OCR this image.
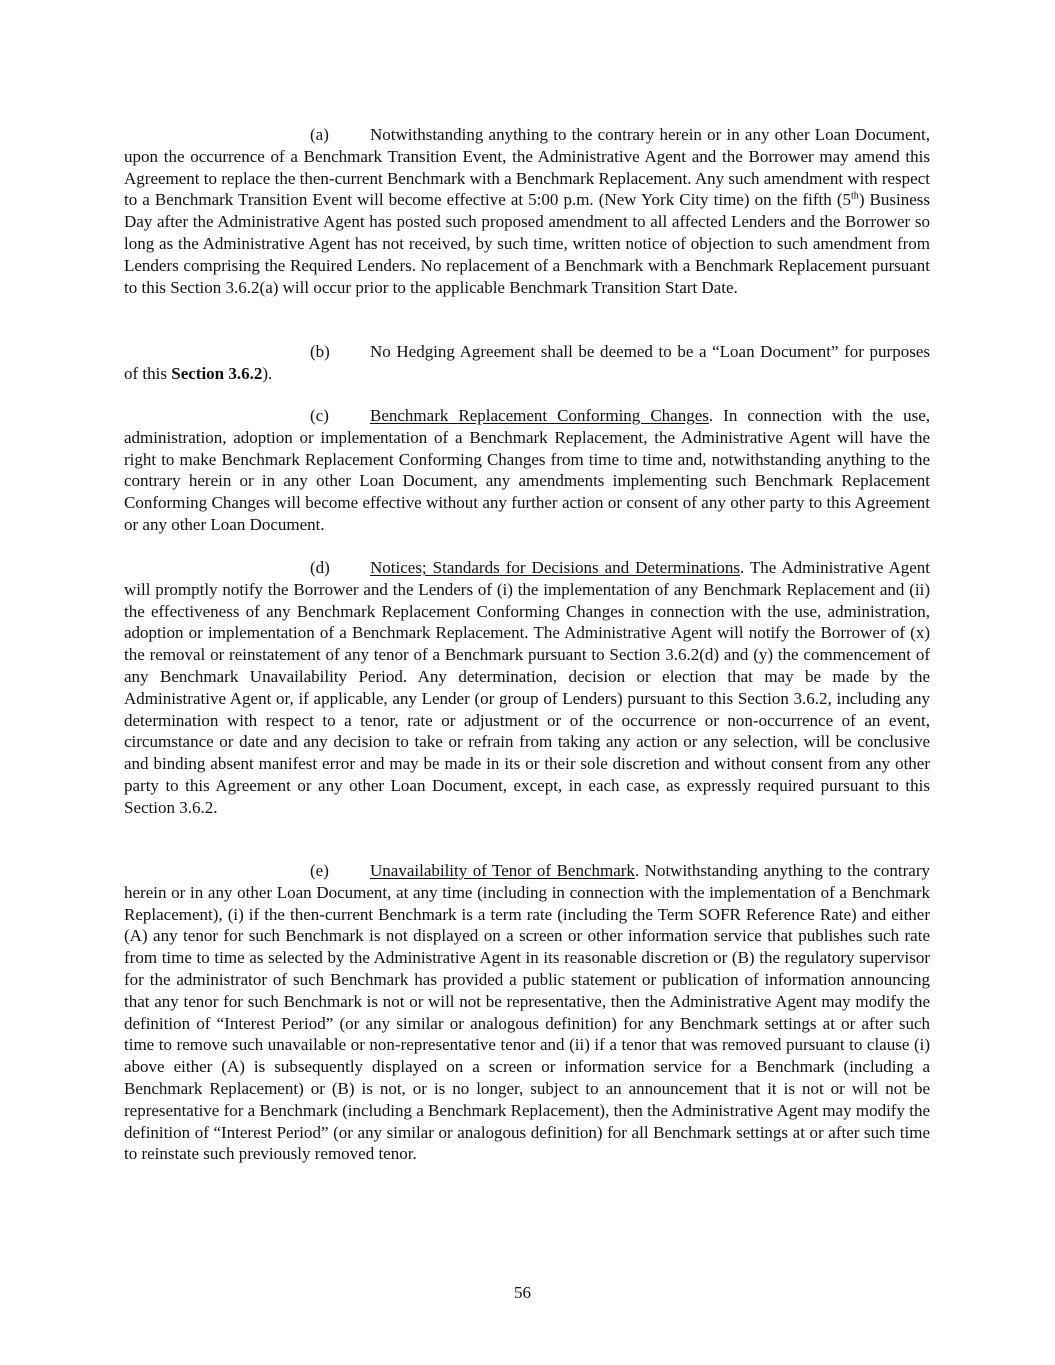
(a) Notwithstanding anything to the contrary herein or in any other Loan Document, upon the occurrence of a Benchmark Transition Event, the Administrative Agent and the Borrower may amend this Agreement to replace the then-current Benchmark with a Benchmark Replacement. Any such amendment with respect to a Benchmark Transition Event will become effective at 5:00 p.m. (New York City time) on the fifth (5th) Business Day after the Administrative Agent has posted such proposed amendment to all affected Lenders and the Borrower so long as the Administrative Agent has not received, by such time, written notice of objection to such amendment from Lenders comprising the Required Lenders. No replacement of a Benchmark with a Benchmark Replacement pursuant to this Section 3.6.2(a) will occur prior to the applicable Benchmark Transition Start Date.

(b) No Hedging Agreement shall be deemed to be a “Loan Document” for purposes of this Section 3.6.2).

(c) Benchmark Replacement Conforming Changes. In connection with the use, administration, adoption or implementation of a Benchmark Replacement, the Administrative Agent will have the right to make Benchmark Replacement Conforming Changes from time to time and, notwithstanding anything to the contrary herein or in any other Loan Document, any amendments implementing such Benchmark Replacement Conforming Changes will become effective without any further action or consent of any other party to this Agreement or any other Loan Document.

(d) Notices; Standards for Decisions and Determinations. The Administrative Agent will promptly notify the Borrower and the Lenders of (i) the implementation of any Benchmark Replacement and (ii) the effectiveness of any Benchmark Replacement Conforming Changes in connection with the use, administration, adoption or implementation of a Benchmark Replacement. The Administrative Agent will notify the Borrower of (x) the removal or reinstatement of any tenor of a Benchmark pursuant to Section 3.6.2(d) and (y) the commencement of any Benchmark Unavailability Period. Any determination, decision or election that may be made by the Administrative Agent or, if applicable, any Lender (or group of Lenders) pursuant to this Section 3.6.2, including any determination with respect to a tenor, rate or adjustment or of the occurrence or non-occurrence of an event, circumstance or date and any decision to take or refrain from taking any action or any selection, will be conclusive and binding absent manifest error and may be made in its or their sole discretion and without consent from any other party to this Agreement or any other Loan Document, except, in each case, as expressly required pursuant to this Section 3.6.2.

(e) Unavailability of Tenor of Benchmark. Notwithstanding anything to the contrary herein or in any other Loan Document, at any time (including in connection with the implementation of a Benchmark Replacement), (i) if the then-current Benchmark is a term rate (including the Term SOFR Reference Rate) and either (A) any tenor for such Benchmark is not displayed on a screen or other information service that publishes such rate from time to time as selected by the Administrative Agent in its reasonable discretion or (B) the regulatory supervisor for the administrator of such Benchmark has provided a public statement or publication of information announcing that any tenor for such Benchmark is not or will not be representative, then the Administrative Agent may modify the definition of “Interest Period” (or any similar or analogous definition) for any Benchmark settings at or after such time to remove such unavailable or non-representative tenor and (ii) if a tenor that was removed pursuant to clause (i) above either (A) is subsequently displayed on a screen or information service for a Benchmark (including a Benchmark Replacement) or (B) is not, or is no longer, subject to an announcement that it is not or will not be representative for a Benchmark (including a Benchmark Replacement), then the Administrative Agent may modify the definition of “Interest Period” (or any similar or analogous definition) for all Benchmark settings at or after such time to reinstate such previously removed tenor.

56
